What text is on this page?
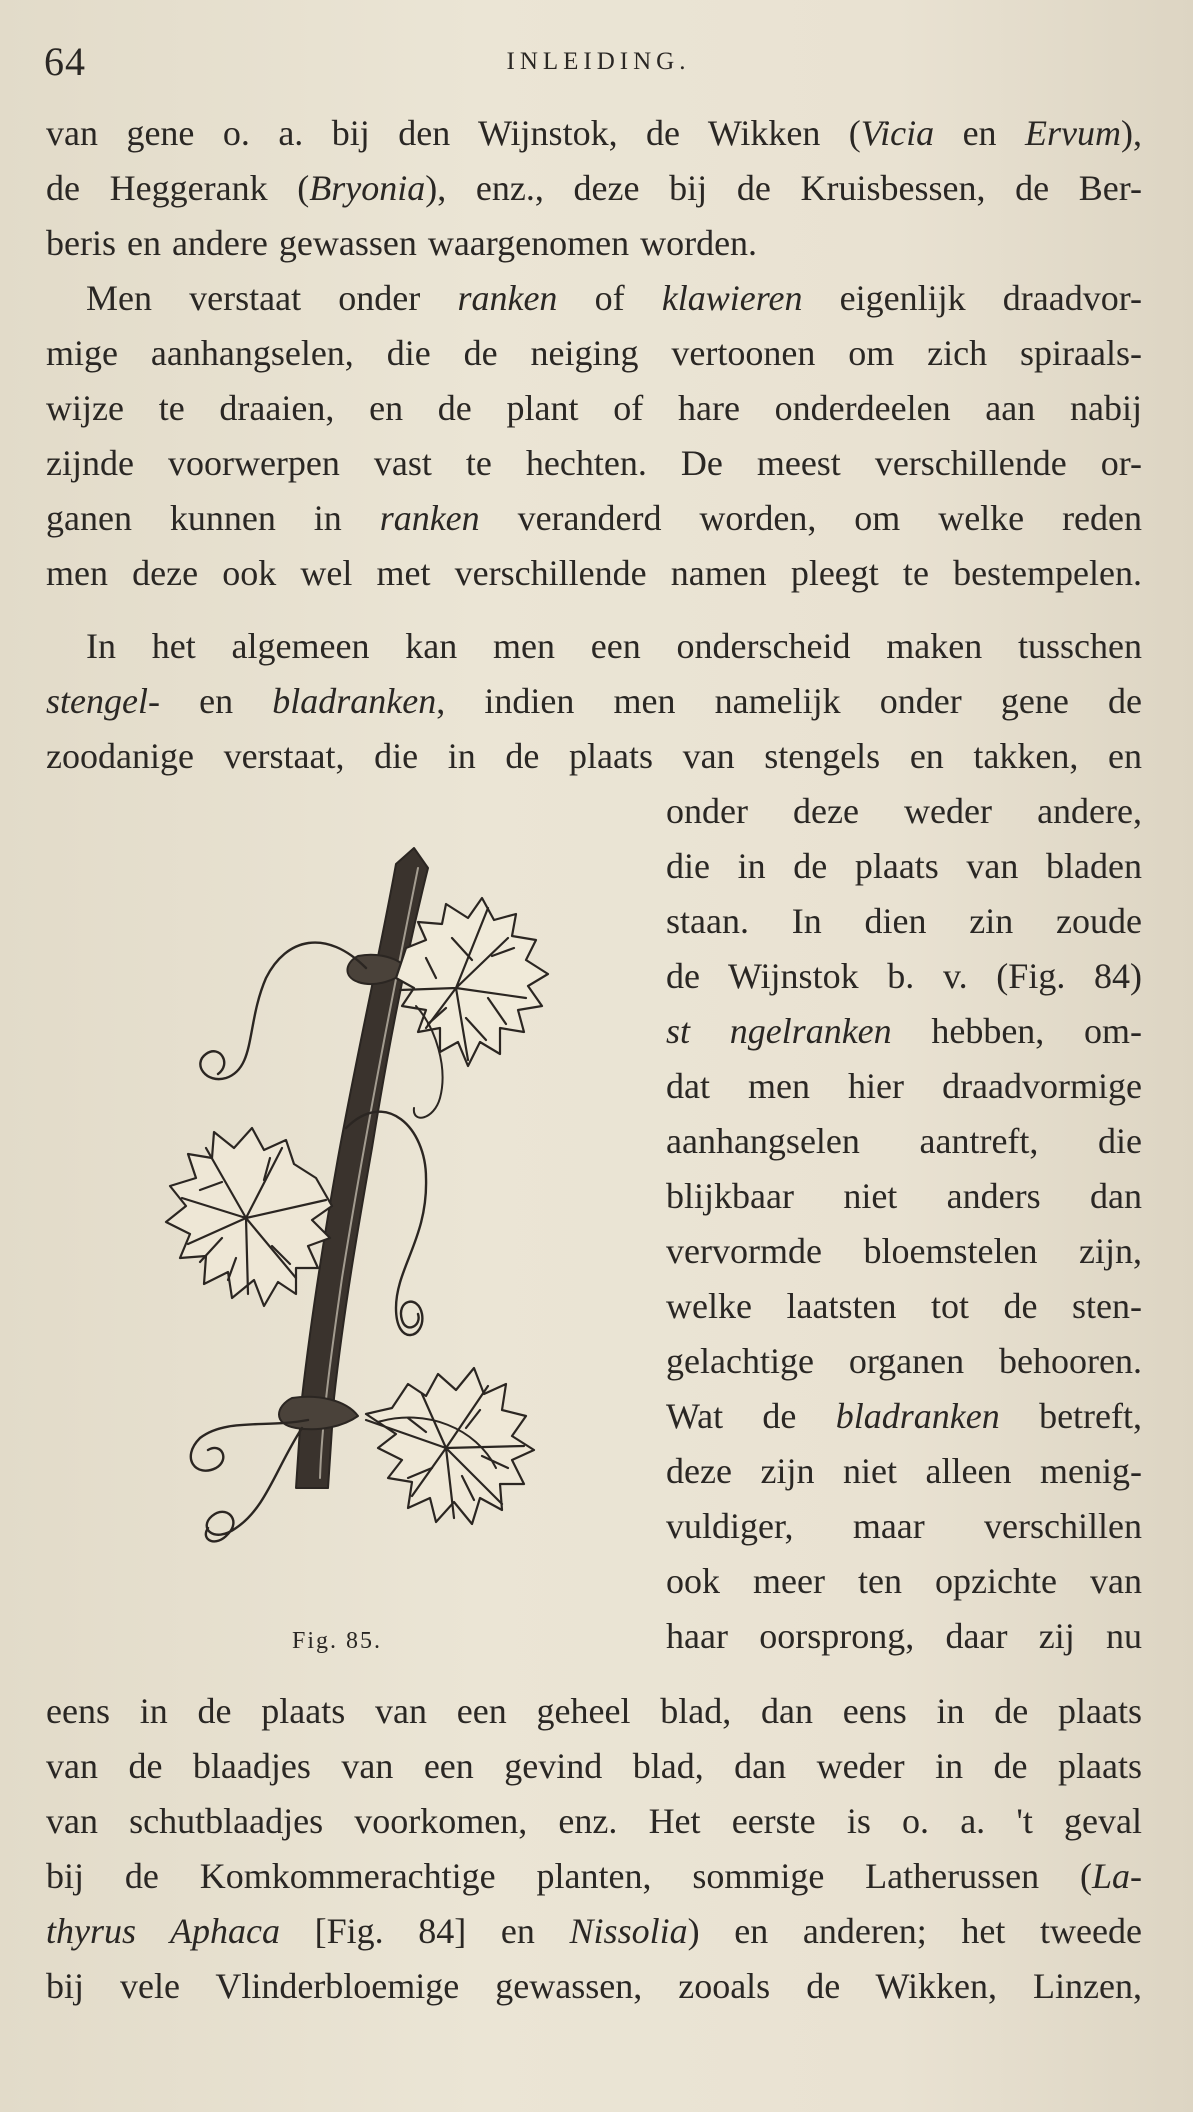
64	INLEIDING.
van gene o. a. bij den Wijnstok, de Wikken (Vicia en Ervum),
de Heggerank (Bryonia), enz., deze bij de Kruisbessen, de Ber-
beris en andere gewassen waargenomen worden.
Men verstaat onder ranken of klawieren eigenlijk draadvor-
mige aanhangselen, die de neiging vertoonen om zich spiraals-
wijze te draaien, en de plant of hare onderdeelen aan nabij
zijnde voorwerpen vast te hechten. De meest verschillende or-
ganen kunnen in ranken veranderd worden, om welke reden
men deze ook wel met verschillende namen pleegt te bestempelen.
In het algemeen kan men een onderscheid maken tusschen
stengel- en bladranken, indien men namelijk onder gene de
zoodanige verstaat, die in de plaats van stengels en takken, en
onder deze weder andere,
die in de plaats van bladen
staan. In dien zin zoude
de Wijnstok b. v. (Fig. 84)
st ngelranken hebben, om-
dat men hier draadvormige
aanhangselen aantreft, die
blijkbaar niet anders dan
vervormde bloemstelen zijn,
welke laatsten tot de sten-
gelachtige organen behooren.
Wat de bladranken betreft,
deze zijn niet alleen menig-
vuldiger, maar verschillen
ook meer ten opzichte van
haar oorsprong, daar zij nu
eens in de plaats van een geheel blad, dan eens in de plaats
van de blaadjes van een gevind blad, dan weder in de plaats
van schutblaadjes voorkomen, enz. Het eerste is o. a. 't geval
bij de Komkommerachtige planten, sommige Latherussen (La-
thyrus Aphaca [Fig. 84] en Nissolia) en anderen; het tweede
bij vele Vlinderbloemige gewassen, zooals de Wikken, Linzen,
Fig. 85.
